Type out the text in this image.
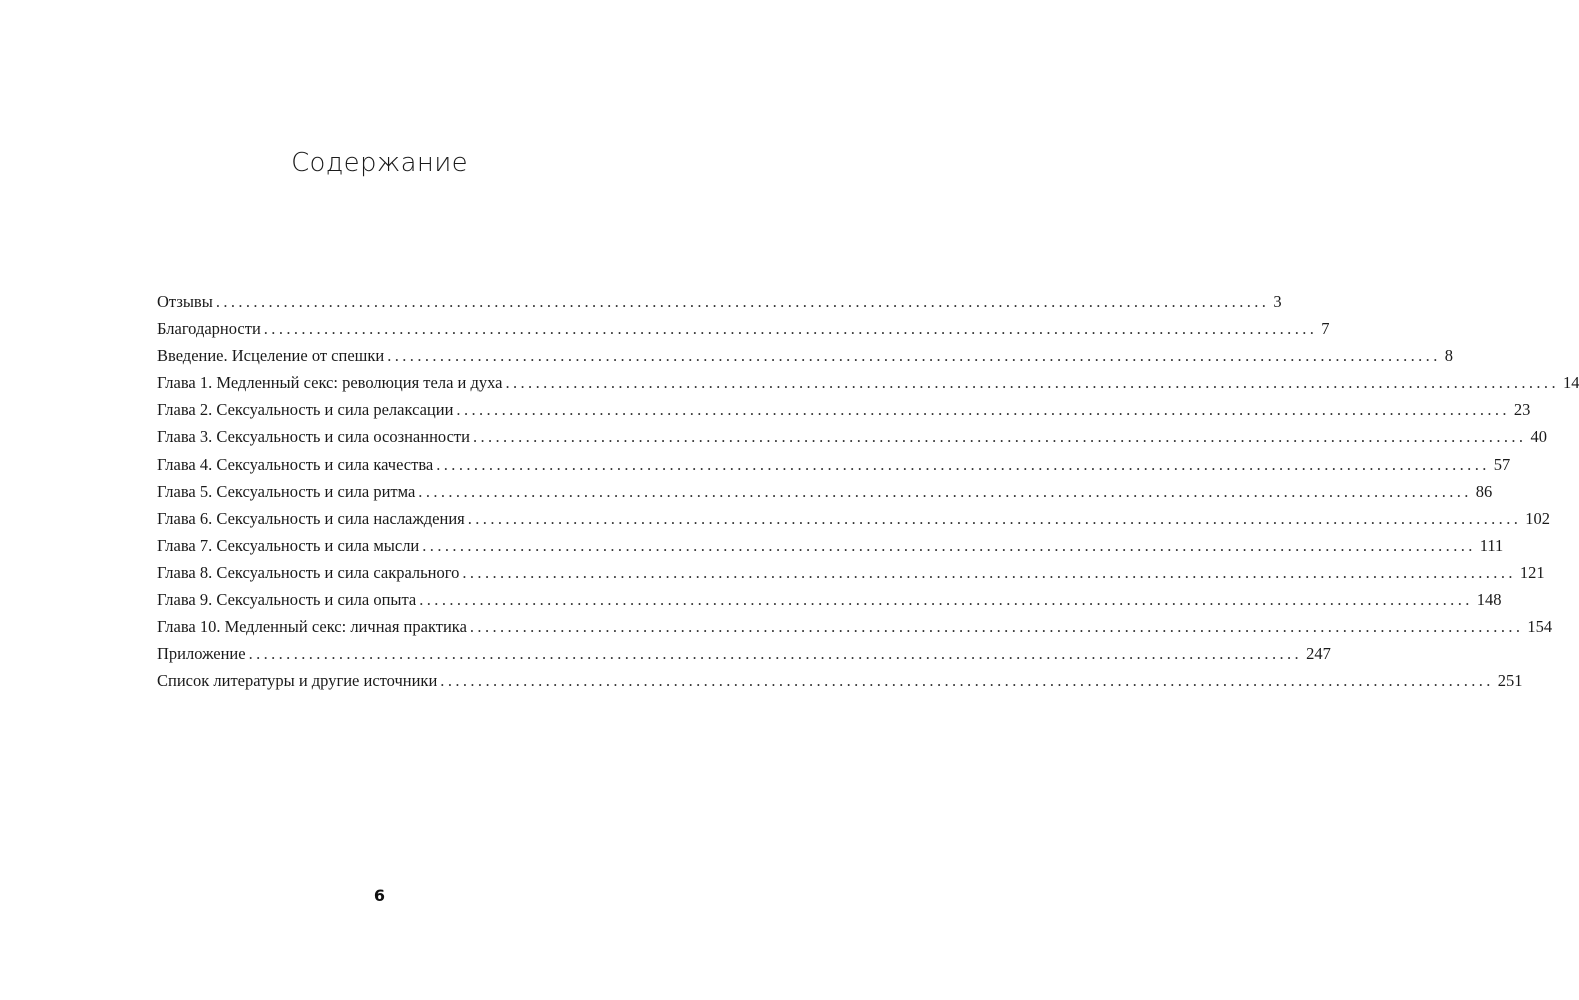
Содержание
Отзывы ............................................................................................................................................ 3
Благодарности ............................................................................................................................................ 7
Введение. Исцеление от спешки ............................................................................................................................................ 8
Глава 1. Медленный секс: революция тела и духа ............................................................................................................................................ 14
Глава 2. Сексуальность и сила релаксации ............................................................................................................................................ 23
Глава 3. Сексуальность и сила осознанности ............................................................................................................................................ 40
Глава 4. Сексуальность и сила качества ............................................................................................................................................ 57
Глава 5. Сексуальность и сила ритма ............................................................................................................................................ 86
Глава 6. Сексуальность и сила наслаждения ............................................................................................................................................ 102
Глава 7. Сексуальность и сила мысли ............................................................................................................................................ 111
Глава 8. Сексуальность и сила сакрального ............................................................................................................................................ 121
Глава 9. Сексуальность и сила опыта ............................................................................................................................................ 148
Глава 10. Медленный секс: личная практика ............................................................................................................................................ 154
Приложение ............................................................................................................................................ 247
Список литературы и другие источники ............................................................................................................................................ 251
6
